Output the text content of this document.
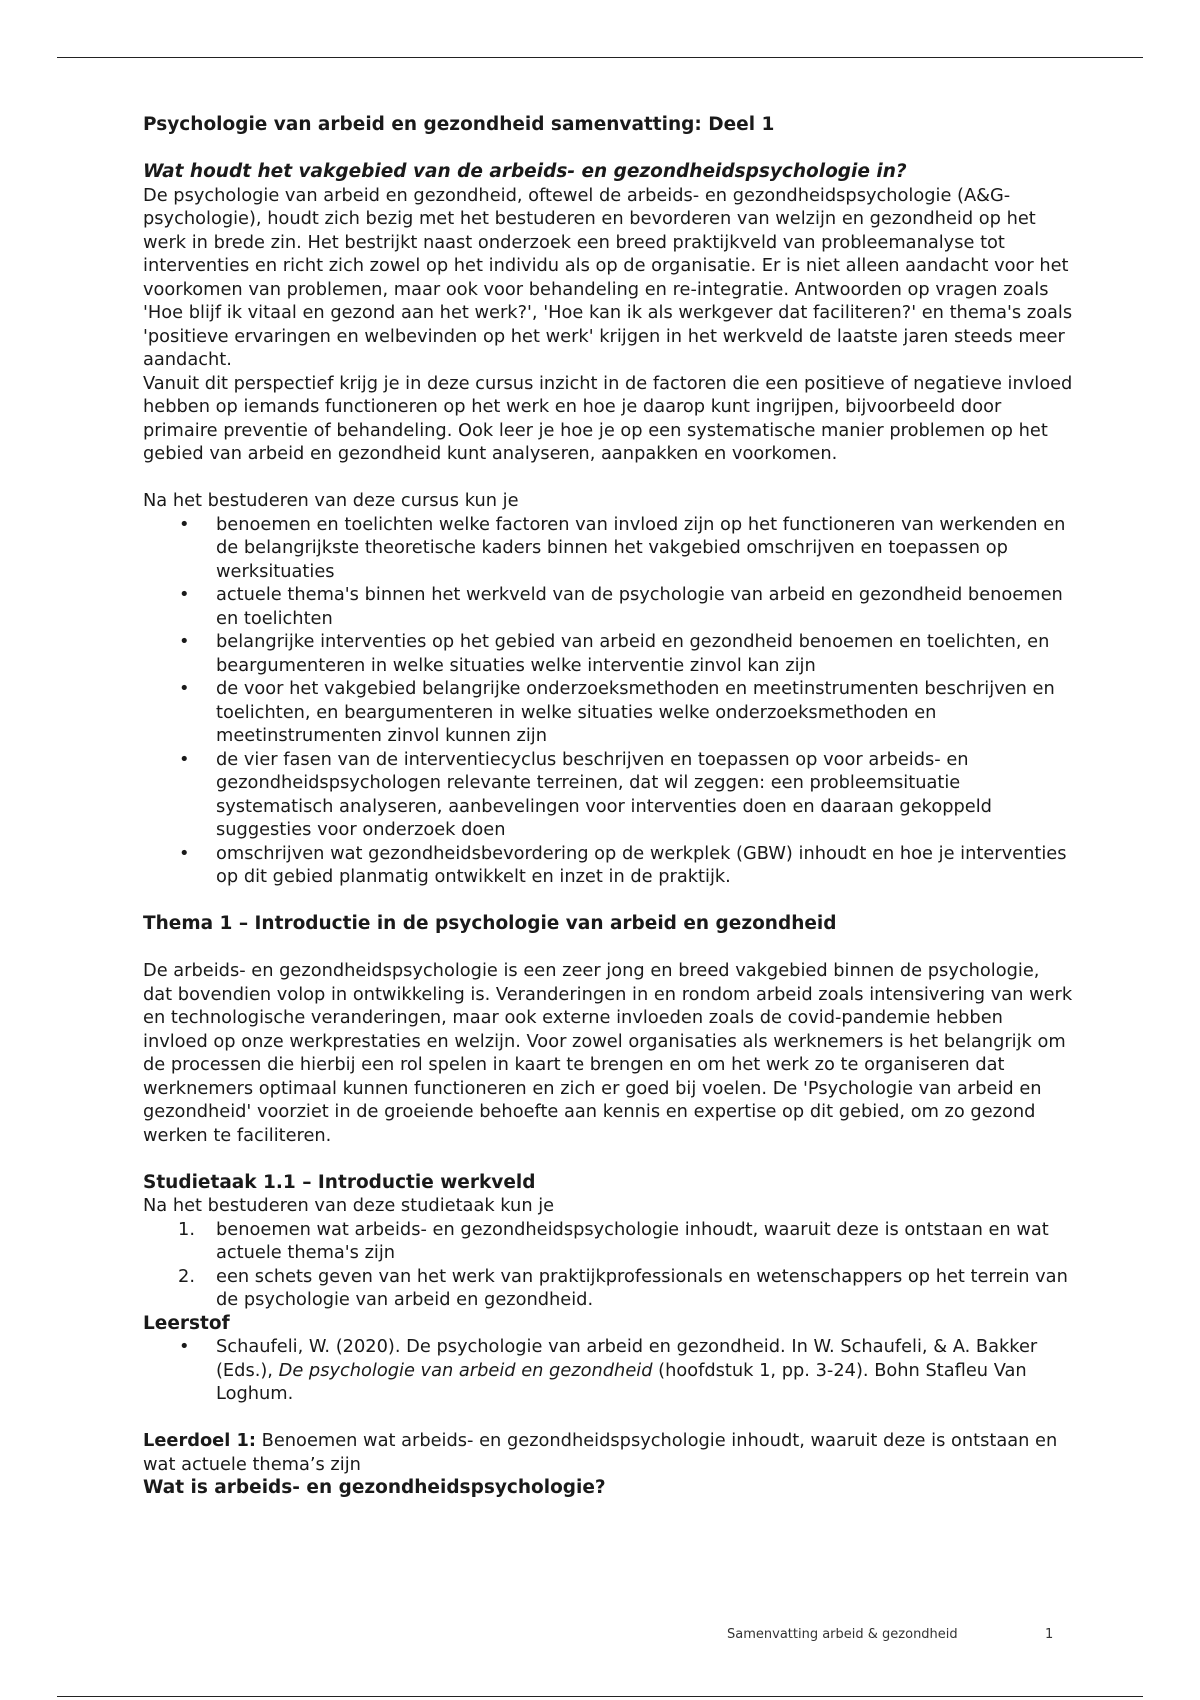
Psychologie van arbeid en gezondheid samenvatting: Deel 1

Wat houdt het vakgebied van de arbeids- en gezondheidspsychologie in?

De psychologie van arbeid en gezondheid, oftewel de arbeids- en gezondheidspsychologie (A&G-psychologie), houdt zich bezig met het bestuderen en bevorderen van welzijn en gezondheid op het werk in brede zin. Het bestrijkt naast onderzoek een breed praktijkveld van probleemanalyse tot interventies en richt zich zowel op het individu als op de organisatie. Er is niet alleen aandacht voor het voorkomen van problemen, maar ook voor behandeling en re-integratie. Antwoorden op vragen zoals 'Hoe blijf ik vitaal en gezond aan het werk?', 'Hoe kan ik als werkgever dat faciliteren?' en thema's zoals 'positieve ervaringen en welbevinden op het werk' krijgen in het werkveld de laatste jaren steeds meer aandacht.

Vanuit dit perspectief krijg je in deze cursus inzicht in de factoren die een positieve of negatieve invloed hebben op iemands functioneren op het werk en hoe je daarop kunt ingrijpen, bijvoorbeeld door primaire preventie of behandeling. Ook leer je hoe je op een systematische manier problemen op het gebied van arbeid en gezondheid kunt analyseren, aanpakken en voorkomen.

Na het bestuderen van deze cursus kun je

• benoemen en toelichten welke factoren van invloed zijn op het functioneren van werkenden en de belangrijkste theoretische kaders binnen het vakgebied omschrijven en toepassen op werksituaties
• actuele thema's binnen het werkveld van de psychologie van arbeid en gezondheid benoemen en toelichten
• belangrijke interventies op het gebied van arbeid en gezondheid benoemen en toelichten, en beargumenteren in welke situaties welke interventie zinvol kan zijn
• de voor het vakgebied belangrijke onderzoeksmethoden en meetinstrumenten beschrijven en toelichten, en beargumenteren in welke situaties welke onderzoeksmethoden en meetinstrumenten zinvol kunnen zijn
• de vier fasen van de interventiecyclus beschrijven en toepassen op voor arbeids- en gezondheidspsychologen relevante terreinen, dat wil zeggen: een probleemsituatie systematisch analyseren, aanbevelingen voor interventies doen en daaraan gekoppeld suggesties voor onderzoek doen
• omschrijven wat gezondheidsbevordering op de werkplek (GBW) inhoudt en hoe je interventies op dit gebied planmatig ontwikkelt en inzet in de praktijk.

Thema 1 – Introductie in de psychologie van arbeid en gezondheid

De arbeids- en gezondheidspsychologie is een zeer jong en breed vakgebied binnen de psychologie, dat bovendien volop in ontwikkeling is. Veranderingen in en rondom arbeid zoals intensivering van werk en technologische veranderingen, maar ook externe invloeden zoals de covid-pandemie hebben invloed op onze werkprestaties en welzijn. Voor zowel organisaties als werknemers is het belangrijk om de processen die hierbij een rol spelen in kaart te brengen en om het werk zo te organiseren dat werknemers optimaal kunnen functioneren en zich er goed bij voelen. De 'Psychologie van arbeid en gezondheid' voorziet in de groeiende behoefte aan kennis en expertise op dit gebied, om zo gezond werken te faciliteren.

Studietaak 1.1 – Introductie werkveld

Na het bestuderen van deze studietaak kun je

1. benoemen wat arbeids- en gezondheidspsychologie inhoudt, waaruit deze is ontstaan en wat actuele thema's zijn
2. een schets geven van het werk van praktijkprofessionals en wetenschappers op het terrein van de psychologie van arbeid en gezondheid.

Leerstof

• Schaufeli, W. (2020). De psychologie van arbeid en gezondheid. In W. Schaufeli, & A. Bakker (Eds.), De psychologie van arbeid en gezondheid (hoofdstuk 1, pp. 3-24). Bohn Stafleu Van Loghum.

Leerdoel 1: Benoemen wat arbeids- en gezondheidspsychologie inhoudt, waaruit deze is ontstaan en wat actuele thema’s zijn

Wat is arbeids- en gezondheidspsychologie?

Samenvatting arbeid & gezondheid	1
